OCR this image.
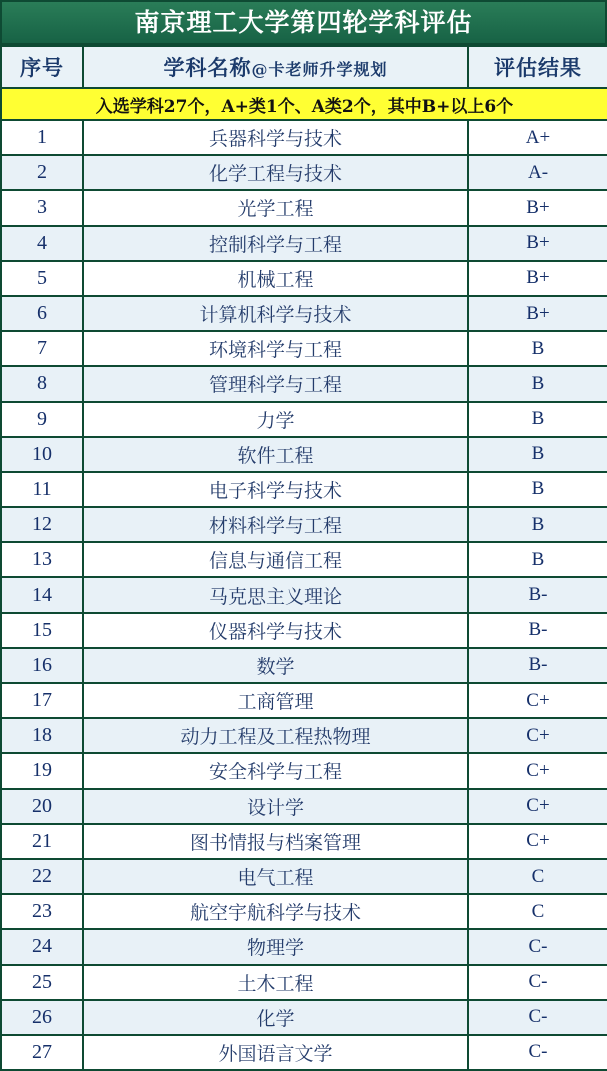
南京理工大学第四轮学科评估
序号	学科名称@卡老师升学规划	评估结果
入选学科27个，A+类1个、A类2个，其中B+以上6个		
1	兵器科学与技术	A+
2	化学工程与技术	A-
3	光学工程	B+
4	控制科学与工程	B+
5	机械工程	B+
6	计算机科学与技术	B+
7	环境科学与工程	B
8	管理科学与工程	B
9	力学	B
10	软件工程	B
11	电子科学与技术	B
12	材料科学与工程	B
13	信息与通信工程	B
14	马克思主义理论	B-
15	仪器科学与技术	B-
16	数学	B-
17	工商管理	C+
18	动力工程及工程热物理	C+
19	安全科学与工程	C+
20	设计学	C+
21	图书情报与档案管理	C+
22	电气工程	C
23	航空宇航科学与技术	C
24	物理学	C-
25	土木工程	C-
26	化学	C-
27	外国语言文学	C-
